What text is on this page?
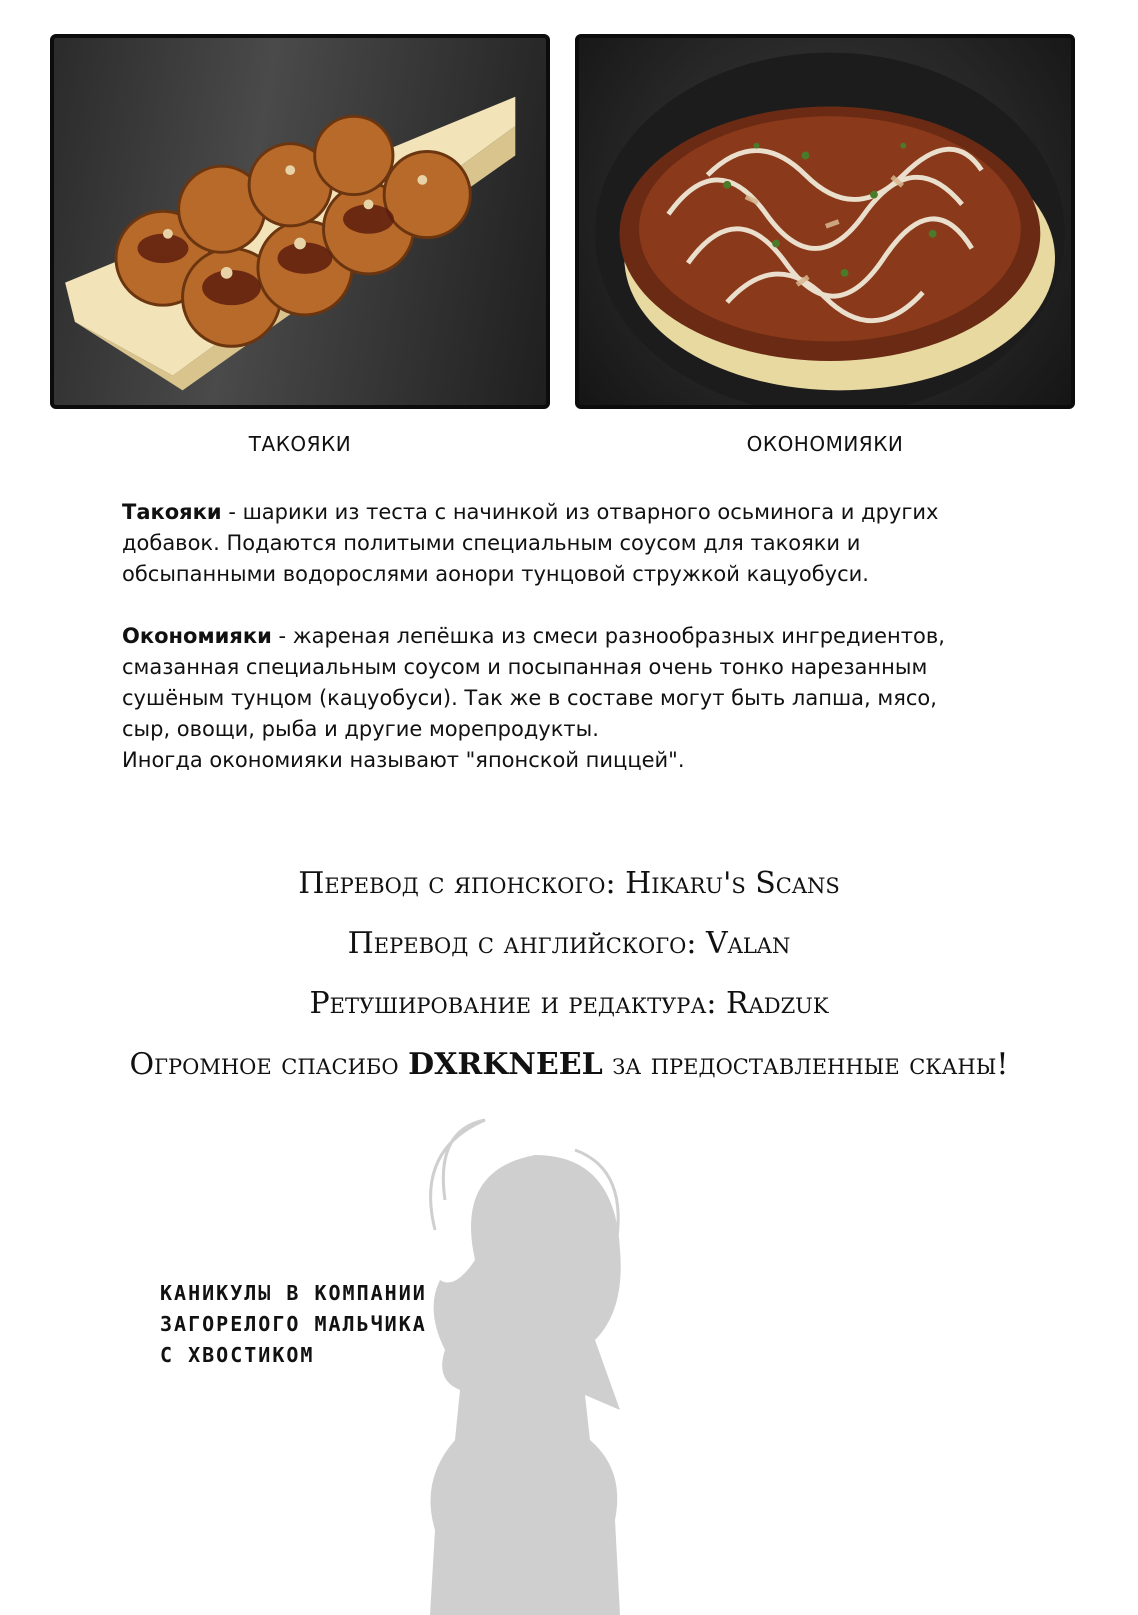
ТАКОЯКИ	ОКОНОМИЯКИ

Такояки - шарики из теста с начинкой из отварного осьминога и других добавок. Подаются политыми специальным соусом для такояки и обсыпанными водорослями аонори тунцовой стружкой кацуобуси.

Окономияки - жареная лепёшка из смеси разнообразных ингредиентов, смазанная специальным соусом и посыпанная очень тонко нарезанным сушёным тунцом (кацуобуси). Так же в составе могут быть лапша, мясо, сыр, овощи, рыба и другие морепродукты.
Иногда окономияки называют "японской пиццей".

Перевод с японского: Hikaru's Scans

Перевод с английского: Valan

Ретуширование и редактура: Radzuk

Огромное спасибо DXRKNEEL за предоставленные сканы!

КАНИКУЛЫ В КОМПАНИИ
ЗАГОРЕЛОГО МАЛЬЧИКА
С ХВОСТИКОМ
